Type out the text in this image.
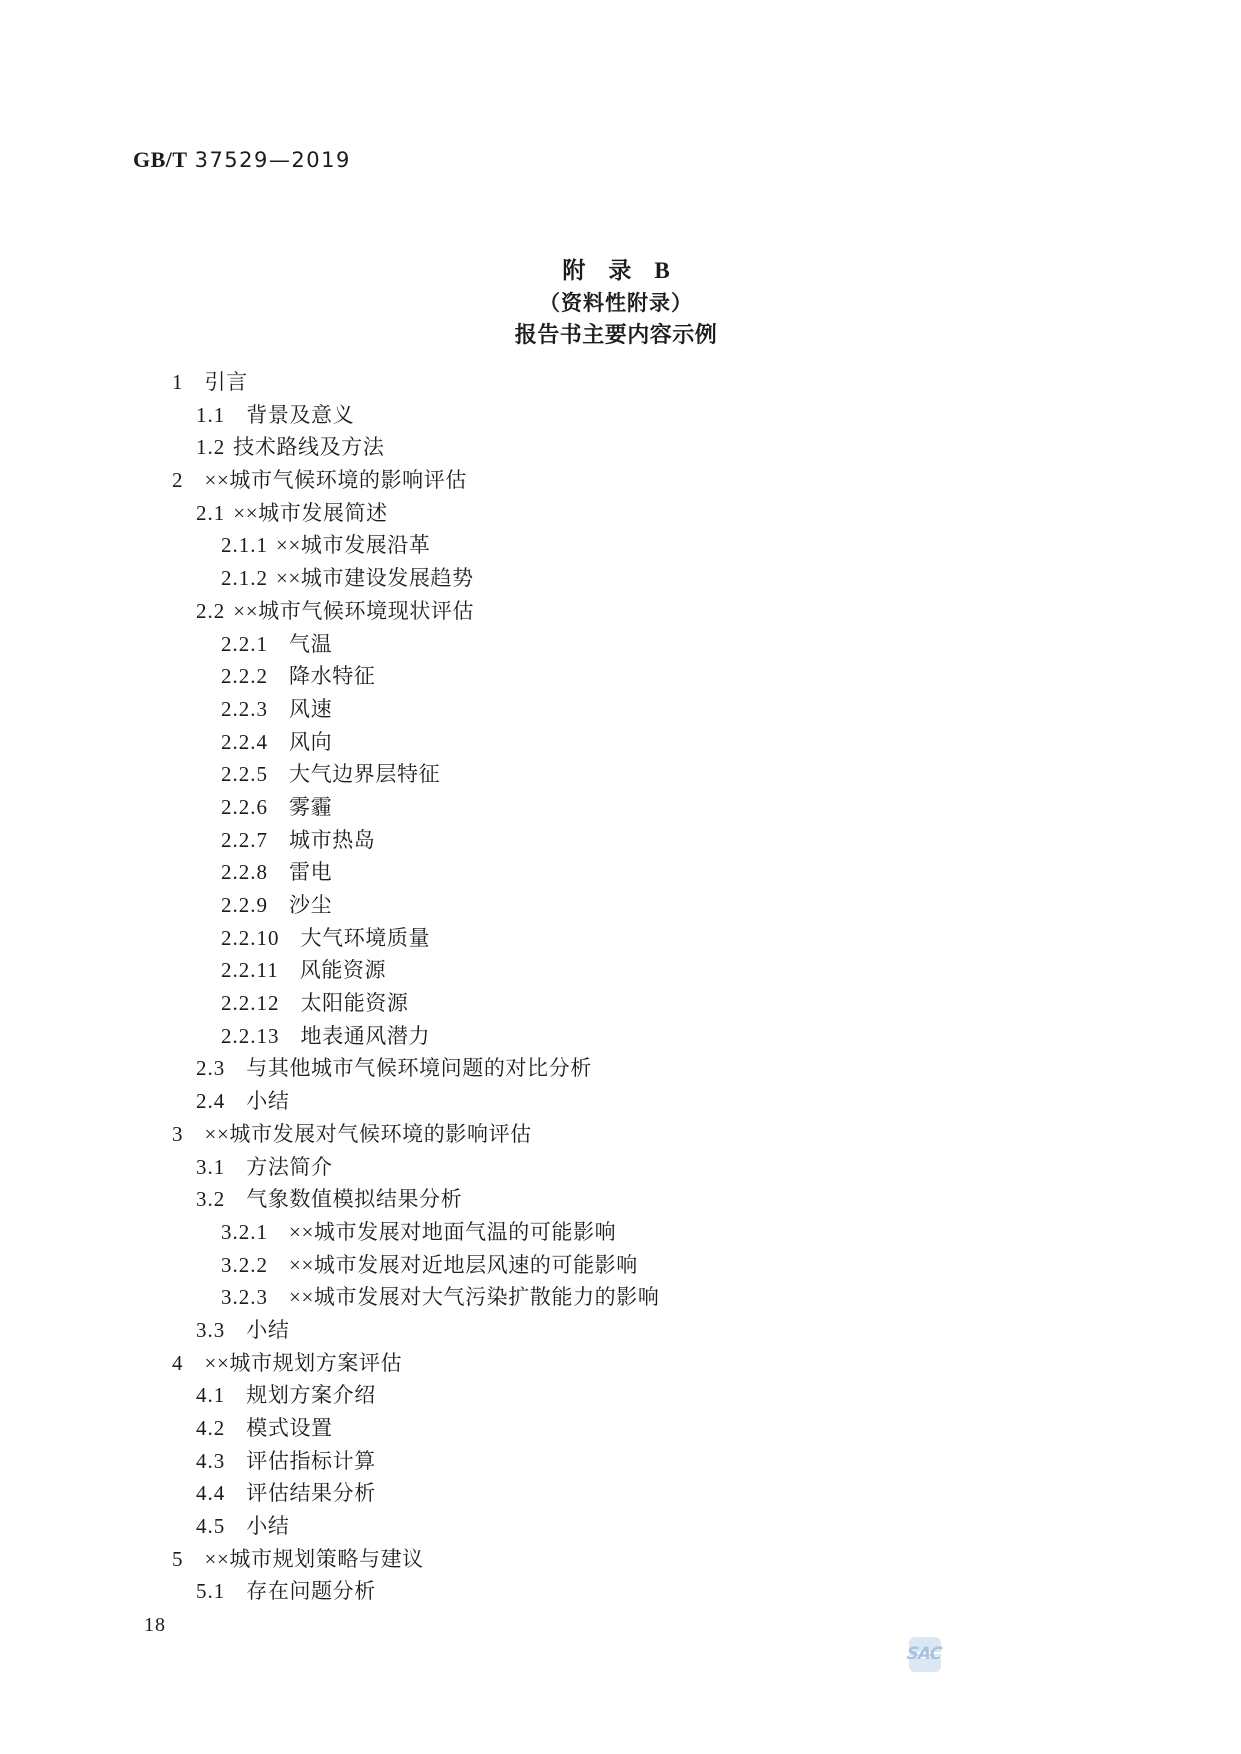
GB/T 37529—2019
附　录　B
（资料性附录）
报告书主要内容示例
1 引言
1.1 背景及意义
1.2 技术路线及方法
2 ××城市气候环境的影响评估
2.1 ××城市发展简述
2.1.1 ××城市发展沿革
2.1.2 ××城市建设发展趋势
2.2 ××城市气候环境现状评估
2.2.1 气温
2.2.2 降水特征
2.2.3 风速
2.2.4 风向
2.2.5 大气边界层特征
2.2.6 雾霾
2.2.7 城市热岛
2.2.8 雷电
2.2.9 沙尘
2.2.10 大气环境质量
2.2.11 风能资源
2.2.12 太阳能资源
2.2.13 地表通风潜力
2.3 与其他城市气候环境问题的对比分析
2.4 小结
3 ××城市发展对气候环境的影响评估
3.1 方法简介
3.2 气象数值模拟结果分析
3.2.1 ××城市发展对地面气温的可能影响
3.2.2 ××城市发展对近地层风速的可能影响
3.2.3 ××城市发展对大气污染扩散能力的影响
3.3 小结
4 ××城市规划方案评估
4.1 规划方案介绍
4.2 模式设置
4.3 评估指标计算
4.4 评估结果分析
4.5 小结
5 ××城市规划策略与建议
5.1 存在问题分析
18
SAC
